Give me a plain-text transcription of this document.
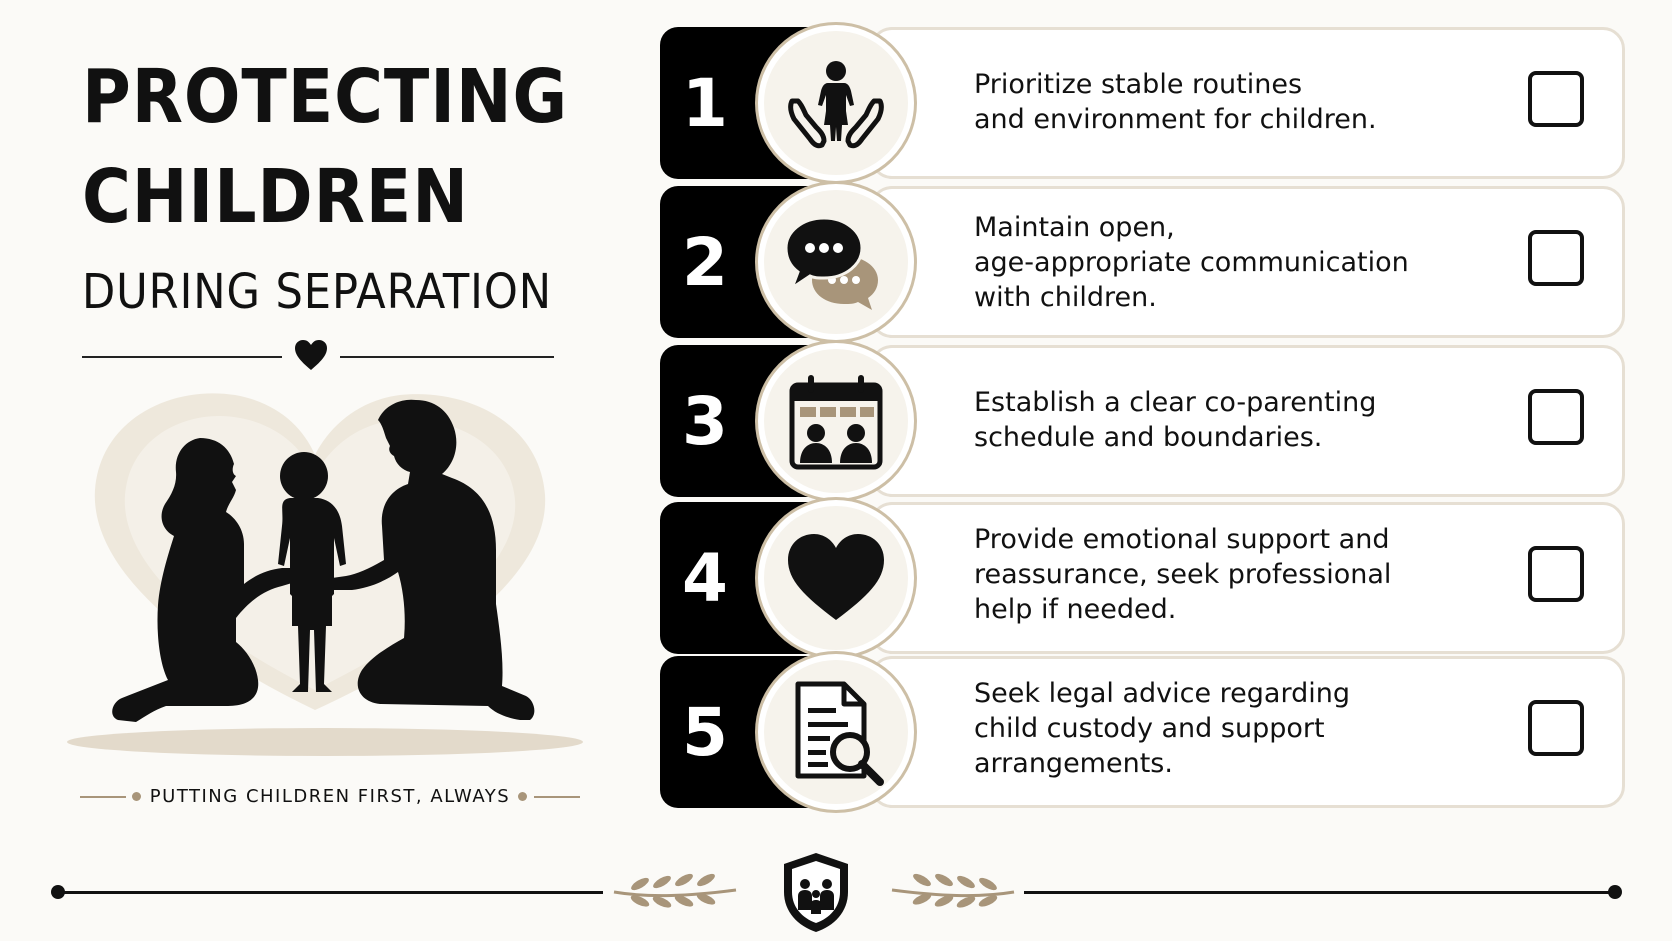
PROTECTING
CHILDREN
DURING SEPARATION
PUTTING CHILDREN FIRST, ALWAYS
1	Prioritize stable routines
and environment for children.
2	Maintain open,
age-appropriate communication
with children.
3	Establish a clear co-parenting
schedule and boundaries.
4	Provide emotional support and
reassurance, seek professional
help if needed.
5	Seek legal advice regarding
child custody and support
arrangements.
